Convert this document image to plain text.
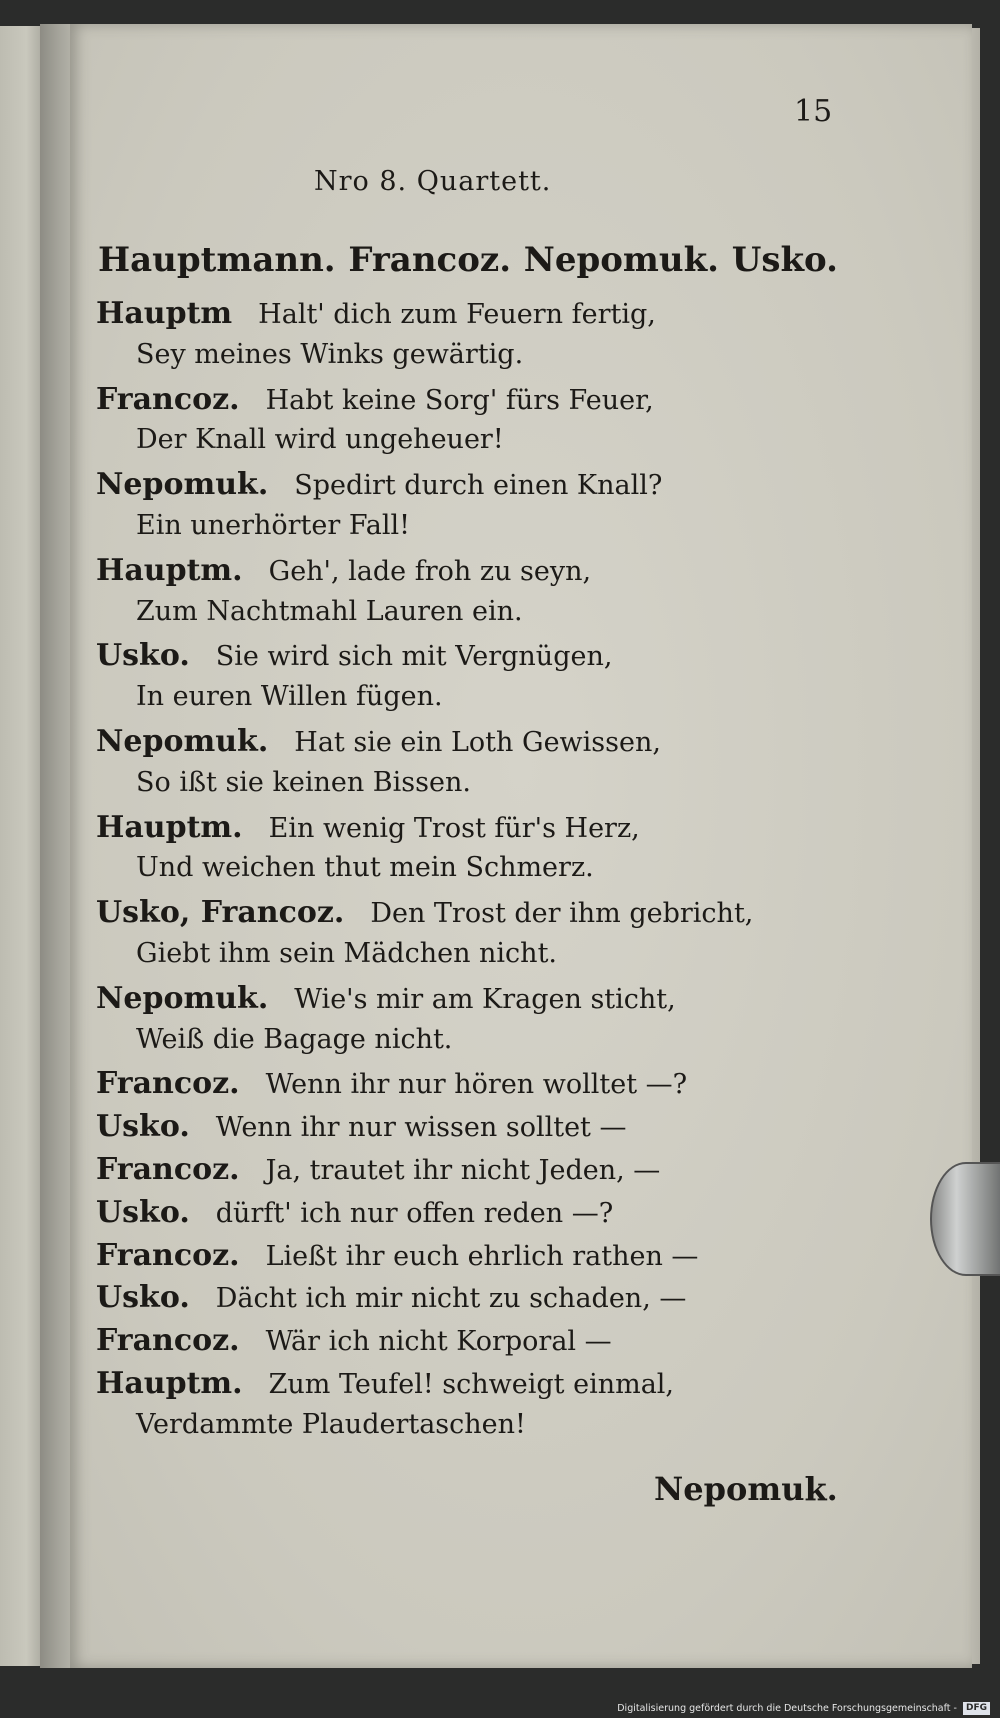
15
Nro 8. Quartett.
Hauptmann. Francoz. Nepomuk. Usko.
Hauptm Halt' dich zum Feuern fertig,
Sey meines Winks gewärtig.
Francoz. Habt keine Sorg' fürs Feuer,
Der Knall wird ungeheuer!
Nepomuk. Spedirt durch einen Knall?
Ein unerhörter Fall!
Hauptm. Geh', lade froh zu seyn,
Zum Nachtmahl Lauren ein.
Usko. Sie wird sich mit Vergnügen,
In euren Willen fügen.
Nepomuk. Hat sie ein Loth Gewissen,
So ißt sie keinen Bissen.
Hauptm. Ein wenig Trost für's Herz,
Und weichen thut mein Schmerz.
Usko, Francoz. Den Trost der ihm gebricht,
Giebt ihm sein Mädchen nicht.
Nepomuk. Wie's mir am Kragen sticht,
Weiß die Bagage nicht.
Francoz. Wenn ihr nur hören wolltet —?
Usko. Wenn ihr nur wissen solltet —
Francoz. Ja, trautet ihr nicht Jeden, —
Usko. dürft' ich nur offen reden —?
Francoz. Ließt ihr euch ehrlich rathen —
Usko. Dächt ich mir nicht zu schaden, —
Francoz. Wär ich nicht Korporal —
Hauptm. Zum Teufel! schweigt einmal,
Verdammte Plaudertaschen!
Nepomuk.
Digitalisierung gefördert durch die Deutsche Forschungsgemeinschaft -	DFG
